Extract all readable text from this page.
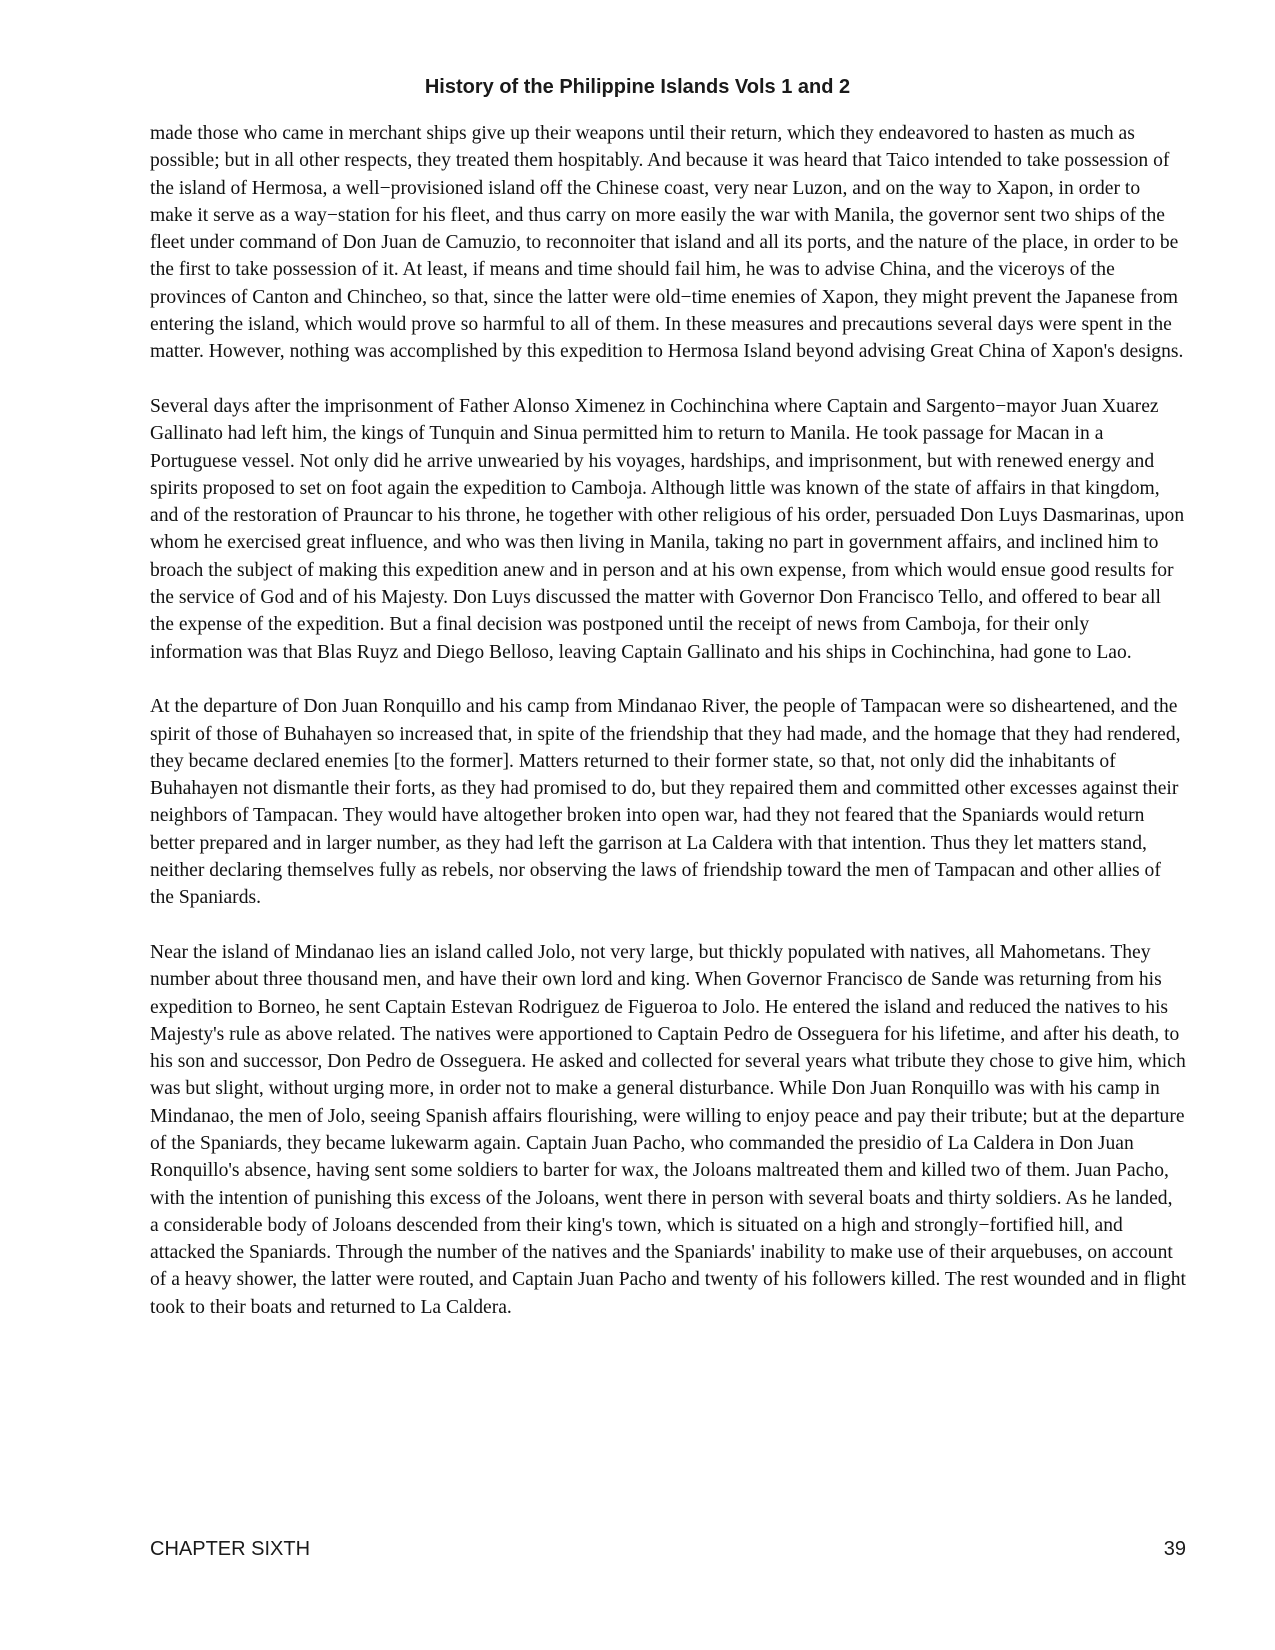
History of the Philippine Islands Vols 1 and 2

made those who came in merchant ships give up their weapons until their return, which they endeavored to hasten as much as possible; but in all other respects, they treated them hospitably. And because it was heard that Taico intended to take possession of the island of Hermosa, a well−provisioned island off the Chinese coast, very near Luzon, and on the way to Xapon, in order to make it serve as a way−station for his fleet, and thus carry on more easily the war with Manila, the governor sent two ships of the fleet under command of Don Juan de Camuzio, to reconnoiter that island and all its ports, and the nature of the place, in order to be the first to take possession of it. At least, if means and time should fail him, he was to advise China, and the viceroys of the provinces of Canton and Chincheo, so that, since the latter were old−time enemies of Xapon, they might prevent the Japanese from entering the island, which would prove so harmful to all of them. In these measures and precautions several days were spent in the matter. However, nothing was accomplished by this expedition to Hermosa Island beyond advising Great China of Xapon's designs.

Several days after the imprisonment of Father Alonso Ximenez in Cochinchina where Captain and Sargento−mayor Juan Xuarez Gallinato had left him, the kings of Tunquin and Sinua permitted him to return to Manila. He took passage for Macan in a Portuguese vessel. Not only did he arrive unwearied by his voyages, hardships, and imprisonment, but with renewed energy and spirits proposed to set on foot again the expedition to Camboja. Although little was known of the state of affairs in that kingdom, and of the restoration of Prauncar to his throne, he together with other religious of his order, persuaded Don Luys Dasmarinas, upon whom he exercised great influence, and who was then living in Manila, taking no part in government affairs, and inclined him to broach the subject of making this expedition anew and in person and at his own expense, from which would ensue good results for the service of God and of his Majesty. Don Luys discussed the matter with Governor Don Francisco Tello, and offered to bear all the expense of the expedition. But a final decision was postponed until the receipt of news from Camboja, for their only information was that Blas Ruyz and Diego Belloso, leaving Captain Gallinato and his ships in Cochinchina, had gone to Lao.

At the departure of Don Juan Ronquillo and his camp from Mindanao River, the people of Tampacan were so disheartened, and the spirit of those of Buhahayen so increased that, in spite of the friendship that they had made, and the homage that they had rendered, they became declared enemies [to the former]. Matters returned to their former state, so that, not only did the inhabitants of Buhahayen not dismantle their forts, as they had promised to do, but they repaired them and committed other excesses against their neighbors of Tampacan. They would have altogether broken into open war, had they not feared that the Spaniards would return better prepared and in larger number, as they had left the garrison at La Caldera with that intention. Thus they let matters stand, neither declaring themselves fully as rebels, nor observing the laws of friendship toward the men of Tampacan and other allies of the Spaniards.

Near the island of Mindanao lies an island called Jolo, not very large, but thickly populated with natives, all Mahometans. They number about three thousand men, and have their own lord and king. When Governor Francisco de Sande was returning from his expedition to Borneo, he sent Captain Estevan Rodriguez de Figueroa to Jolo. He entered the island and reduced the natives to his Majesty's rule as above related. The natives were apportioned to Captain Pedro de Osseguera for his lifetime, and after his death, to his son and successor, Don Pedro de Osseguera. He asked and collected for several years what tribute they chose to give him, which was but slight, without urging more, in order not to make a general disturbance. While Don Juan Ronquillo was with his camp in Mindanao, the men of Jolo, seeing Spanish affairs flourishing, were willing to enjoy peace and pay their tribute; but at the departure of the Spaniards, they became lukewarm again. Captain Juan Pacho, who commanded the presidio of La Caldera in Don Juan Ronquillo's absence, having sent some soldiers to barter for wax, the Joloans maltreated them and killed two of them. Juan Pacho, with the intention of punishing this excess of the Joloans, went there in person with several boats and thirty soldiers. As he landed, a considerable body of Joloans descended from their king's town, which is situated on a high and strongly−fortified hill, and attacked the Spaniards. Through the number of the natives and the Spaniards' inability to make use of their arquebuses, on account of a heavy shower, the latter were routed, and Captain Juan Pacho and twenty of his followers killed. The rest wounded and in flight took to their boats and returned to La Caldera.

CHAPTER SIXTH	39
